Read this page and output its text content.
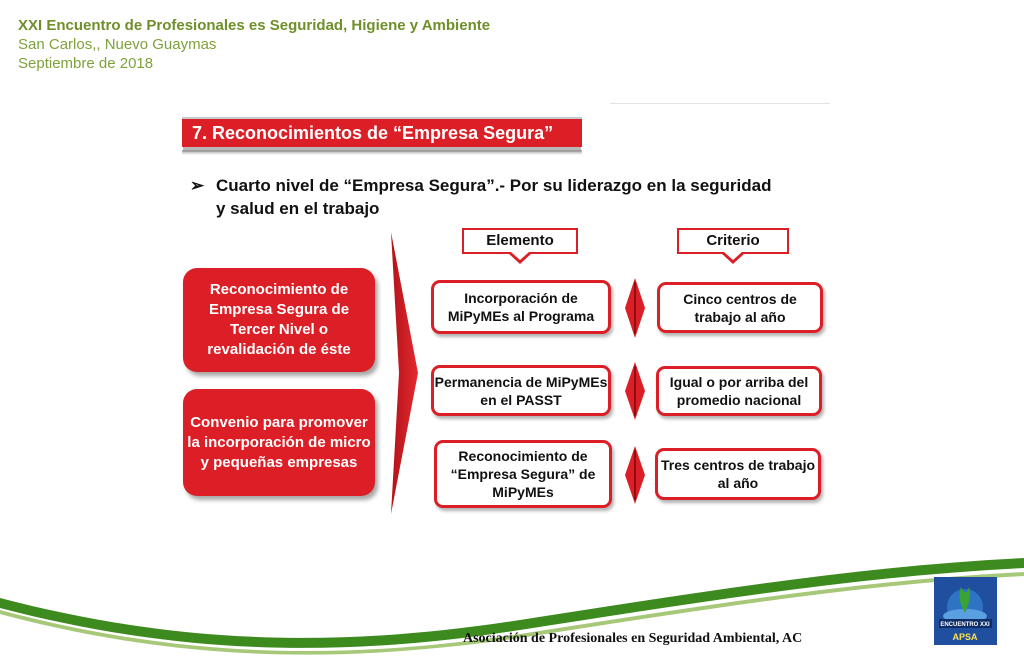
XXI Encuentro de Profesionales es Seguridad, Higiene y Ambiente
San Carlos,, Nuevo Guaymas
Septiembre de 2018
7. Reconocimientos de “Empresa Segura”
➢ Cuarto nivel de “Empresa Segura”.- Por su liderazgo en la seguridad y salud en el trabajo
Elemento	Criterio
Reconocimiento de Empresa Segura de Tercer Nivel o revalidación de éste
Convenio para promover la incorporación de micro y pequeñas empresas
Incorporación de MiPyMEs al Programa
Permanencia de MiPyMEs en el PASST
Reconocimiento de “Empresa Segura” de MiPyMEs
Cinco centros de trabajo al año
Igual o por arriba del promedio nacional
Tres centros de trabajo al año
Asociación de Profesionales en Seguridad Ambiental, AC
ENCUENTRO XXI
APSA
